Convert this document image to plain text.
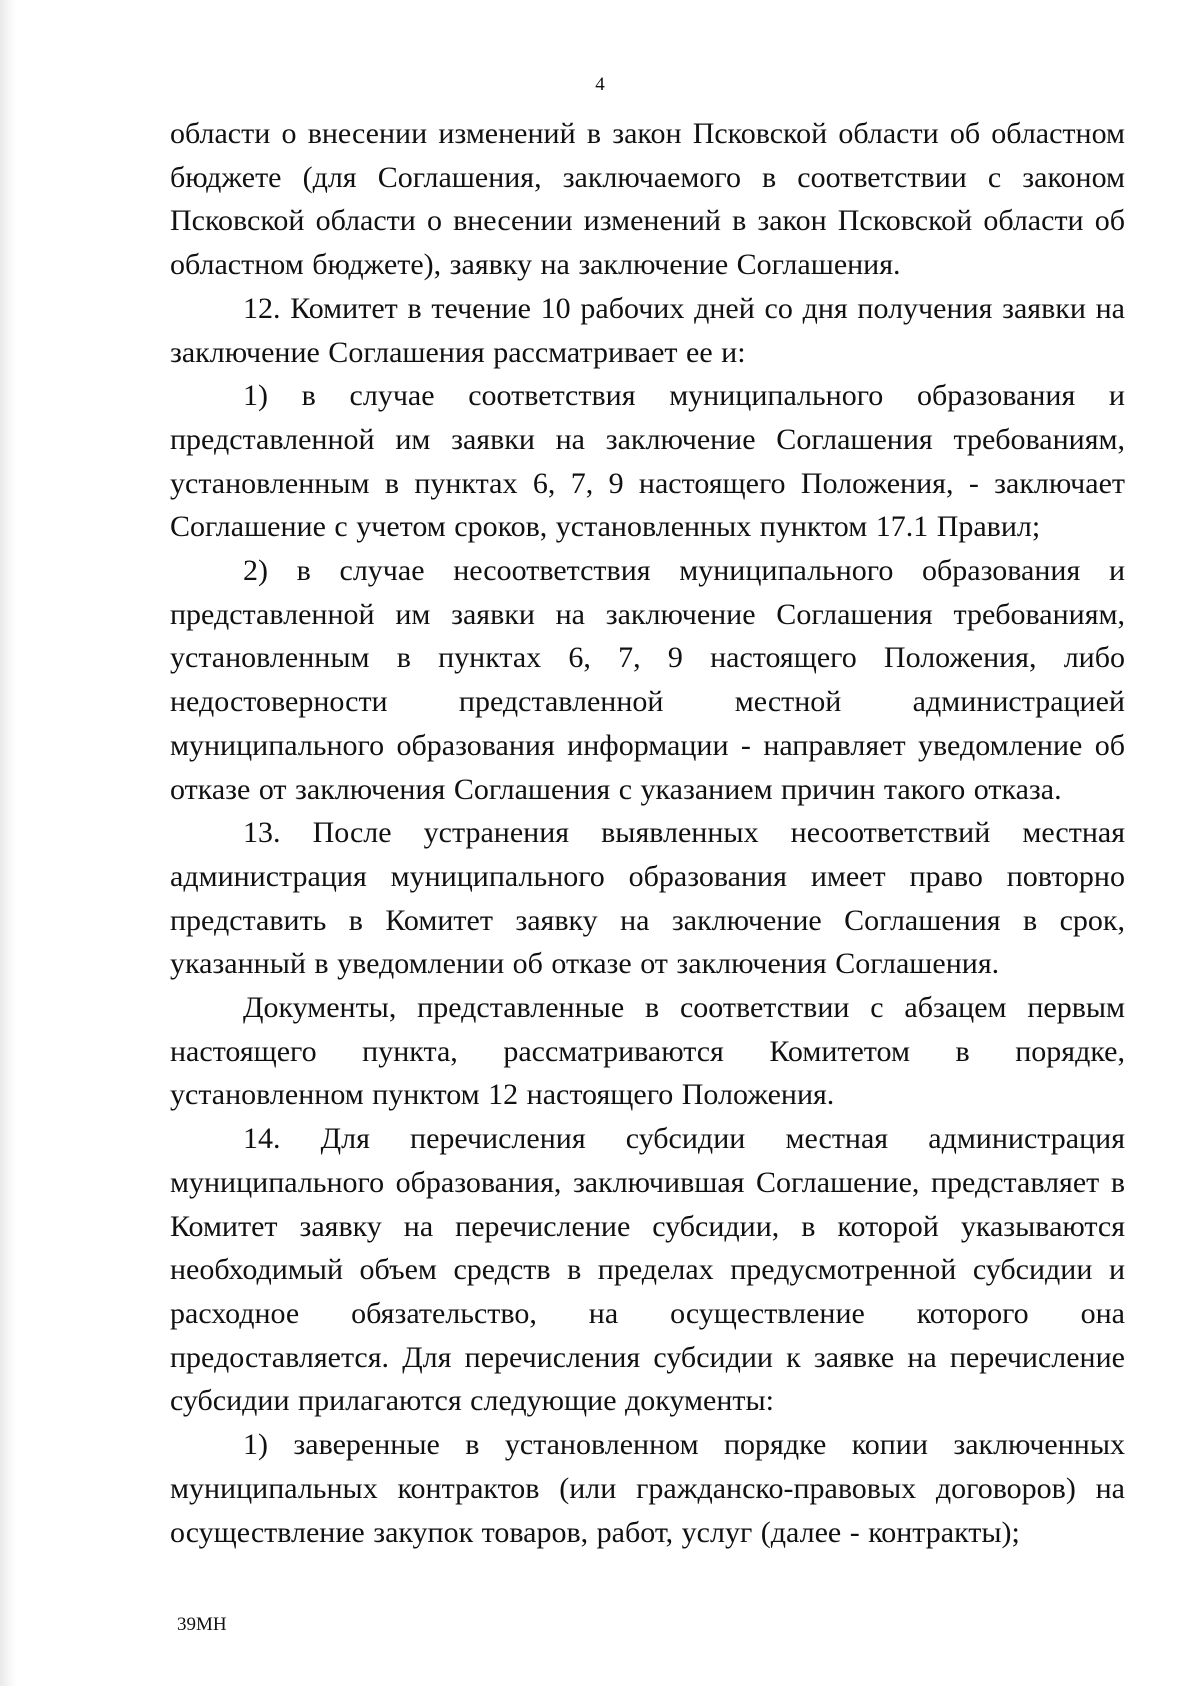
4

области о внесении изменений в закон Псковской области об областном бюджете (для Соглашения, заключаемого в соответствии с законом Псковской области о внесении изменений в закон Псковской области об областном бюджете), заявку на заключение Соглашения.

12. Комитет в течение 10 рабочих дней со дня получения заявки на заключение Соглашения рассматривает ее и:

1) в случае соответствия муниципального образования и представленной им заявки на заключение Соглашения требованиям, установленным в пунктах 6, 7, 9 настоящего Положения, - заключает Соглашение с учетом сроков, установленных пунктом 17.1 Правил;

2) в случае несоответствия муниципального образования и представленной им заявки на заключение Соглашения требованиям, установленным в пунктах 6, 7, 9 настоящего Положения, либо недостоверности представленной местной администрацией муниципального образования информации - направляет уведомление об отказе от заключения Соглашения с указанием причин такого отказа.

13. После устранения выявленных несоответствий местная администрация муниципального образования имеет право повторно представить в Комитет заявку на заключение Соглашения в срок, указанный в уведомлении об отказе от заключения Соглашения.

Документы, представленные в соответствии с абзацем первым настоящего пункта, рассматриваются Комитетом в порядке, установленном пунктом 12 настоящего Положения.

14. Для перечисления субсидии местная администрация муниципального образования, заключившая Соглашение, представляет в Комитет заявку на перечисление субсидии, в которой указываются необходимый объем средств в пределах предусмотренной субсидии и расходное обязательство, на осуществление которого она предоставляется. Для перечисления субсидии к заявке на перечисление субсидии прилагаются следующие документы:

1) заверенные в установленном порядке копии заключенных муниципальных контрактов (или гражданско-правовых договоров) на осуществление закупок товаров, работ, услуг (далее - контракты);

39МН
